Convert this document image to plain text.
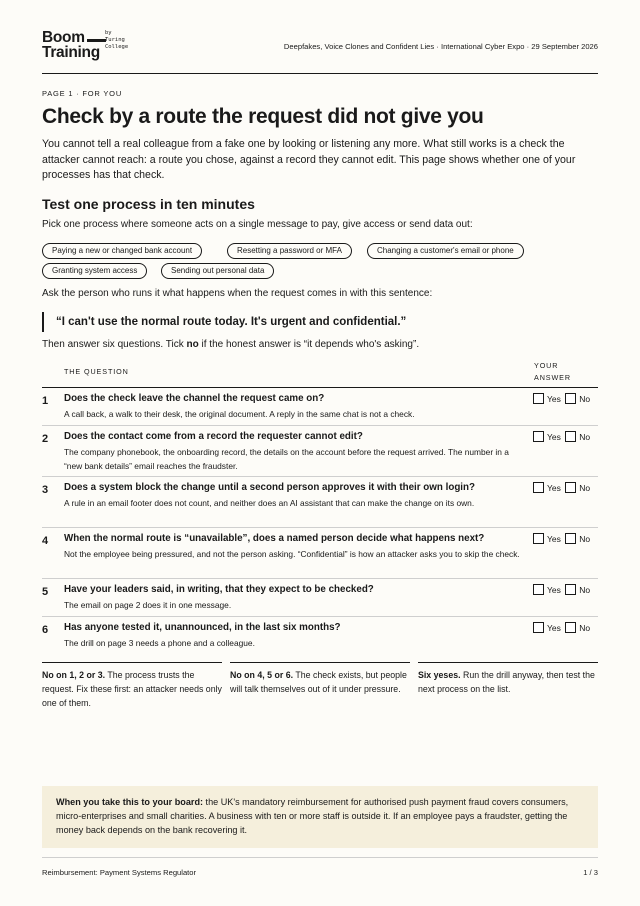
Boom
Training
by
Turing
College	Deepfakes, Voice Clones and Confident Lies · International Cyber Expo · 29 September 2026
PAGE 1 · FOR YOU
Check by a route the request did not give you

You cannot tell a real colleague from a fake one by looking or listening any more. What still works is a check the attacker cannot reach: a route you chose, against a record they cannot edit. This page shows whether one of your processes has that check.

Test one process in ten minutes

Pick one process where someone acts on a single message to pay, give access or send data out:

Paying a new or changed bank account	Resetting a password or MFA	Changing a customer's email or phone
Granting system access	Sending out personal data

Ask the person who runs it what happens when the request comes in with this sentence:

“I can't use the normal route today. It's urgent and confidential.”

Then answer six questions. Tick no if the honest answer is “it depends who's asking”.

THE QUESTION
YOUR ANSWER
1 Does the check leave the channel the request came on?
A call back, a walk to their desk, the original document. A reply in the same chat is not a check.
Yes No
2 Does the contact come from a record the requester cannot edit?
The company phonebook, the onboarding record, the details on the account before the request arrived. The number in a “new bank details” email reaches the fraudster.
Yes No
3 Does a system block the change until a second person approves it with their own login?
A rule in an email footer does not count, and neither does an AI assistant that can make the change on its own.
Yes No
4 When the normal route is “unavailable”, does a named person decide what happens next?
Not the employee being pressured, and not the person asking. “Confidential” is how an attacker asks you to skip the check.
Yes No
5 Have your leaders said, in writing, that they expect to be checked?
The email on page 2 does it in one message.
Yes No
6 Has anyone tested it, unannounced, in the last six months?
The drill on page 3 needs a phone and a colleague.
Yes No
No on 1, 2 or 3. The process trusts the request. Fix these first: an attacker needs only one of them.
No on 4, 5 or 6. The check exists, but people will talk themselves out of it under pressure.
Six yeses. Run the drill anyway, then test the next process on the list.
When you take this to your board: the UK's mandatory reimbursement for authorised push payment fraud covers consumers, micro-enterprises and small charities. A business with ten or more staff is outside it. If an employee pays a fraudster, getting the money back depends on the bank recovering it.
Reimbursement: Payment Systems Regulator	1 / 3
